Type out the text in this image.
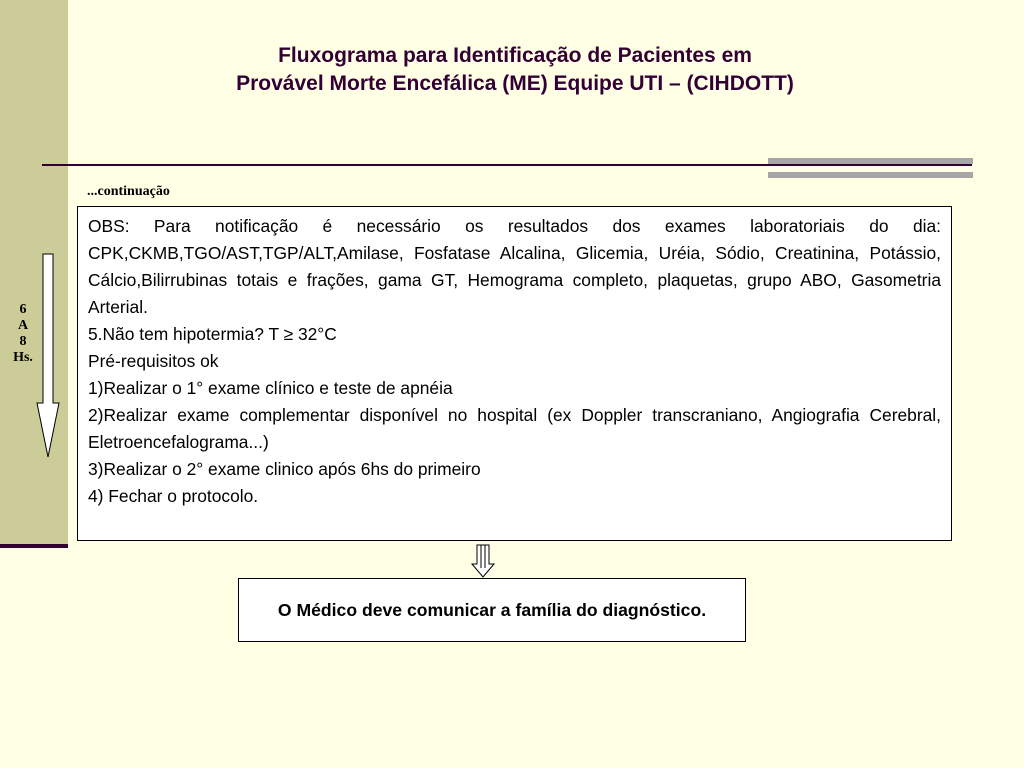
Fluxograma para Identificação de Pacientes em
Provável Morte Encefálica (ME) Equipe UTI – (CIHDOTT)
...continuação
6
A
8
Hs.

OBS: Para notificação é necessário os resultados dos exames laboratoriais do dia: CPK,CKMB,TGO/AST,TGP/ALT,Amilase, Fosfatase Alcalina, Glicemia, Uréia, Sódio, Creatinina, Potássio, Cálcio,Bilirrubinas totais e frações, gama GT, Hemograma completo, plaquetas, grupo ABO, Gasometria Arterial.

5.Não tem hipotermia? T ≥ 32°C

Pré-requisitos ok

1)Realizar o 1° exame clínico e teste de apnéia

2)Realizar exame complementar disponível no hospital (ex Doppler transcraniano, Angiografia Cerebral, Eletroencefalograma...)

3)Realizar o 2° exame clinico após 6hs do primeiro

4) Fechar o protocolo.

O Médico deve comunicar a família do diagnóstico.
